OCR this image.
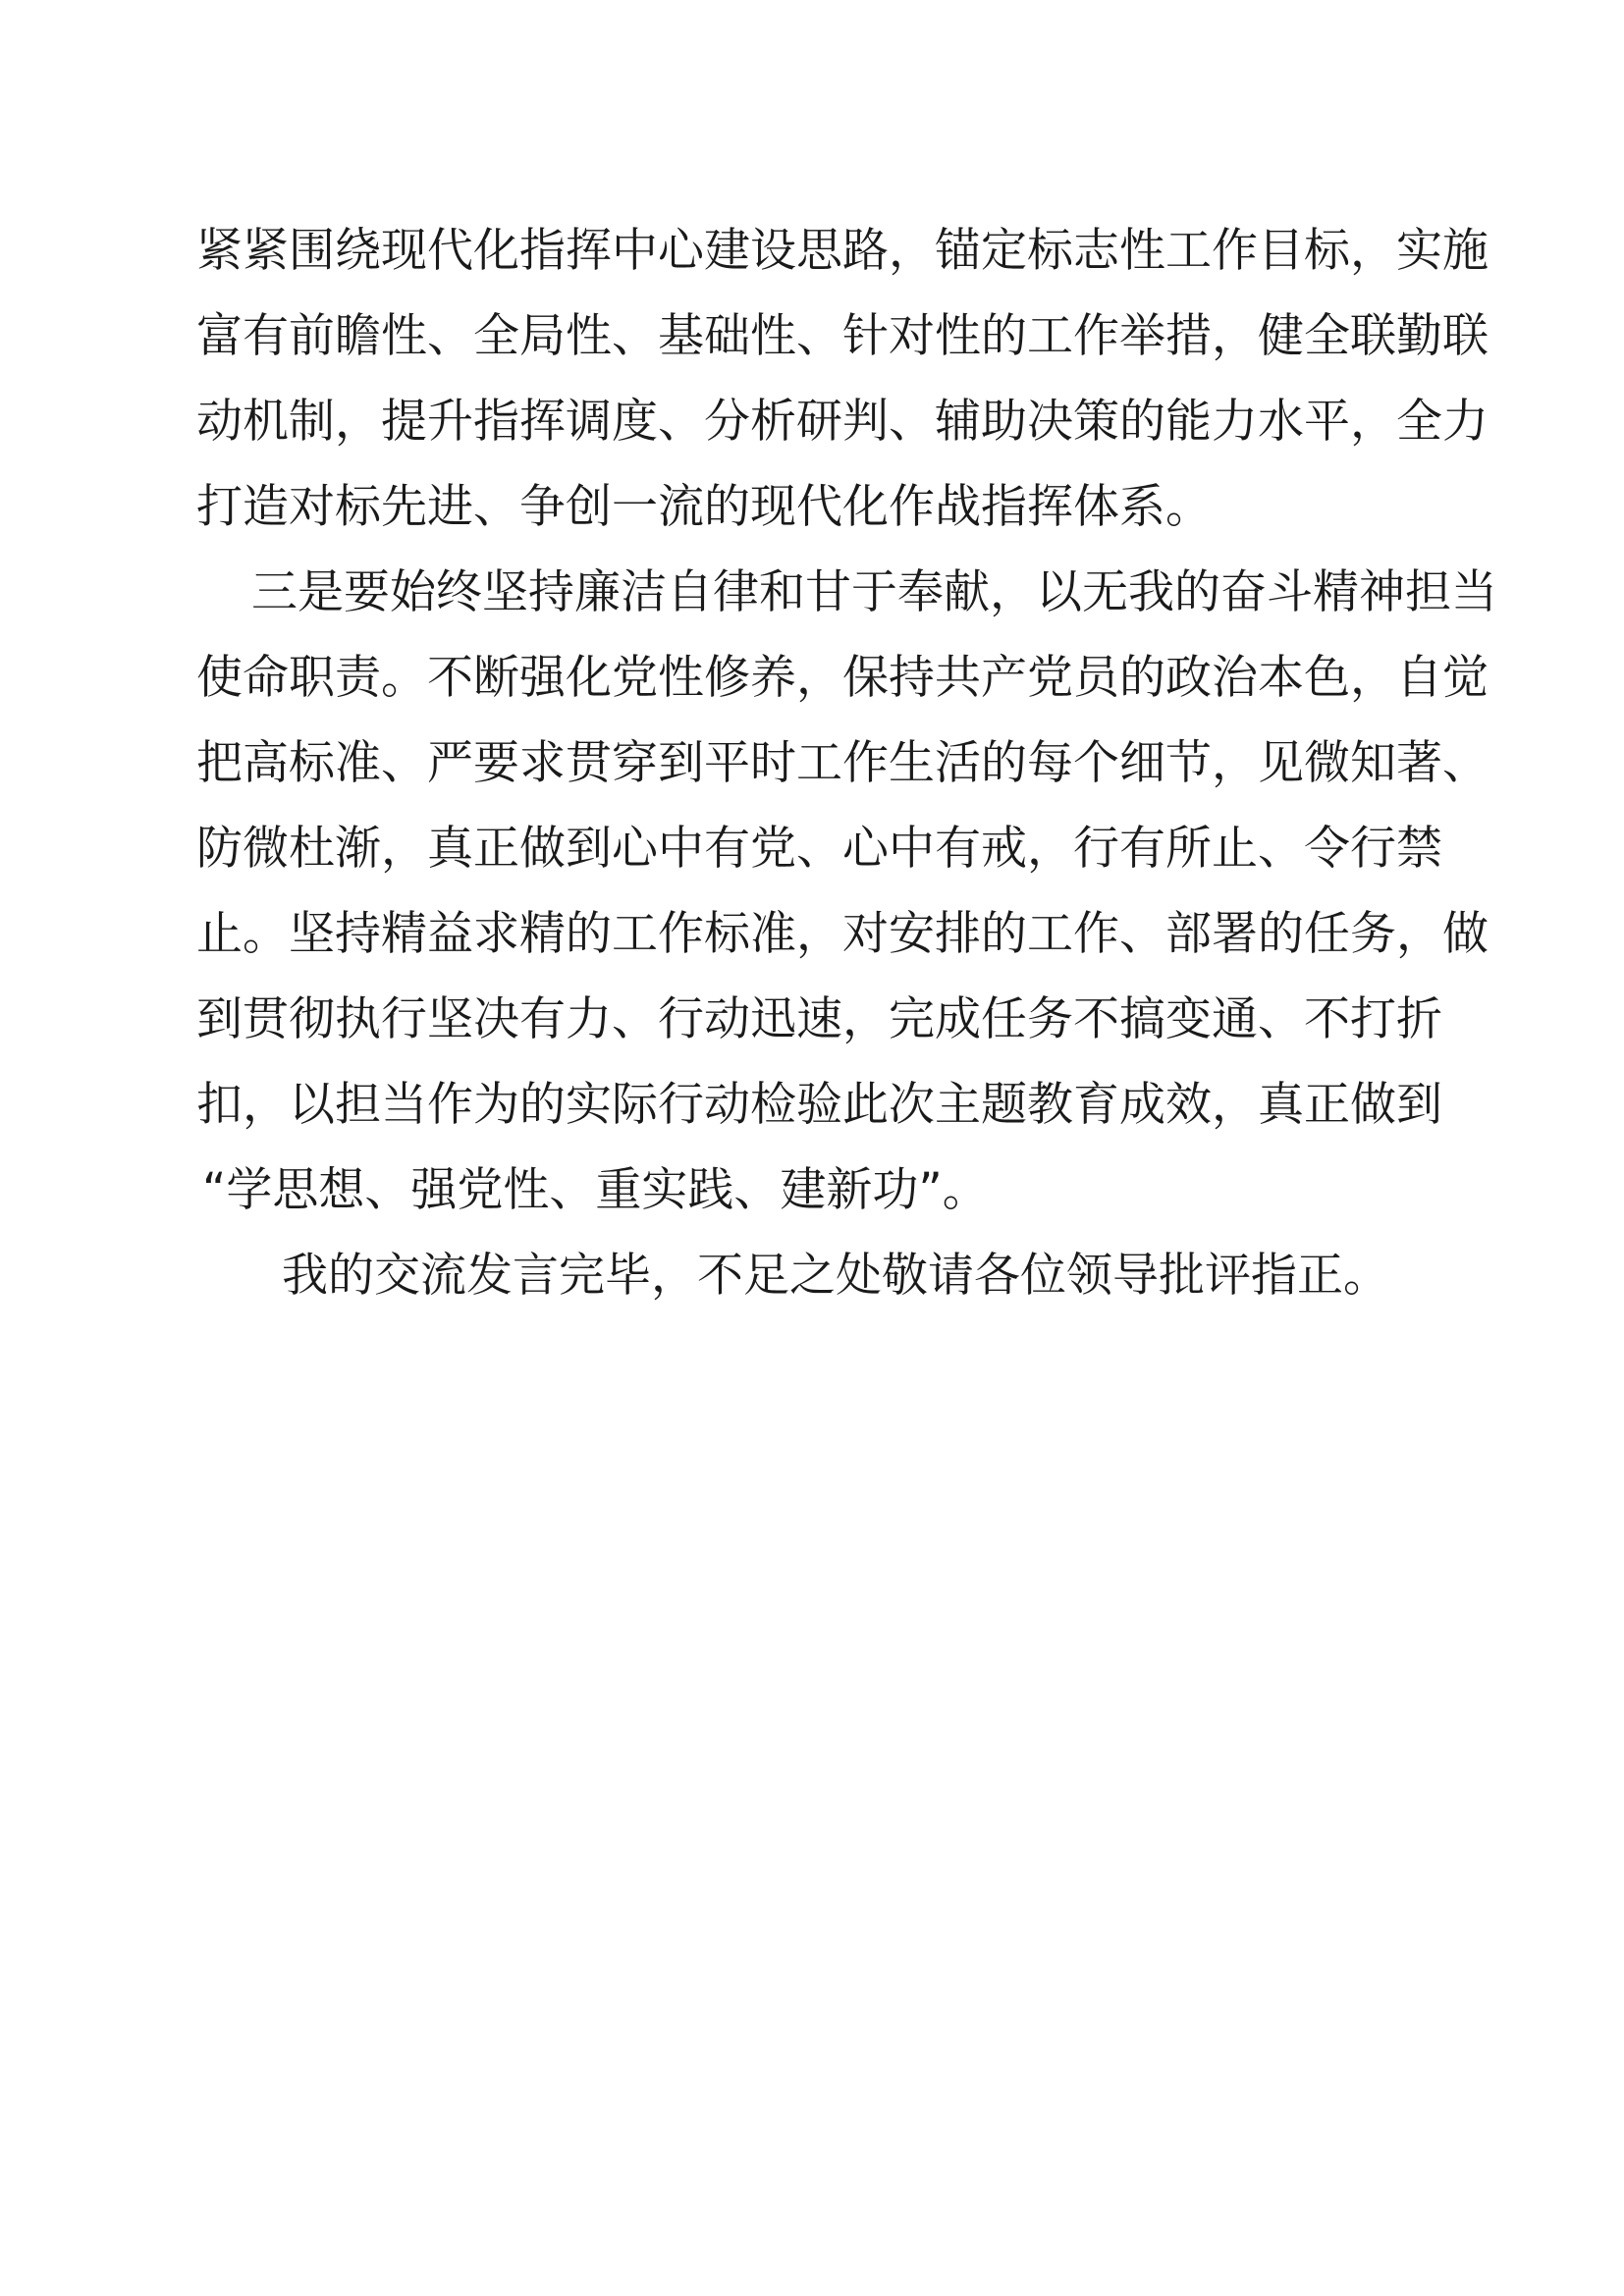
紧紧围绕现代化指挥中心建设思路，锚定标志性工作目标，实施
富有前瞻性、全局性、基础性、针对性的工作举措，健全联勤联
动机制，提升指挥调度、分析研判、辅助决策的能力水平，全力
打造对标先进、争创一流的现代化作战指挥体系。
三是要始终坚持廉洁自律和甘于奉献，以无我的奋斗精神担当
使命职责。不断强化党性修养，保持共产党员的政治本色，自觉
把高标准、严要求贯穿到平时工作生活的每个细节，见微知著、
防微杜渐，真正做到心中有党、心中有戒，行有所止、令行禁
止。坚持精益求精的工作标准，对安排的工作、部署的任务，做
到贯彻执行坚决有力、行动迅速，完成任务不搞变通、不打折
扣，以担当作为的实际行动检验此次主题教育成效，真正做到
“学思想、强党性、重实践、建新功”。
我的交流发言完毕，不足之处敬请各位领导批评指正。
